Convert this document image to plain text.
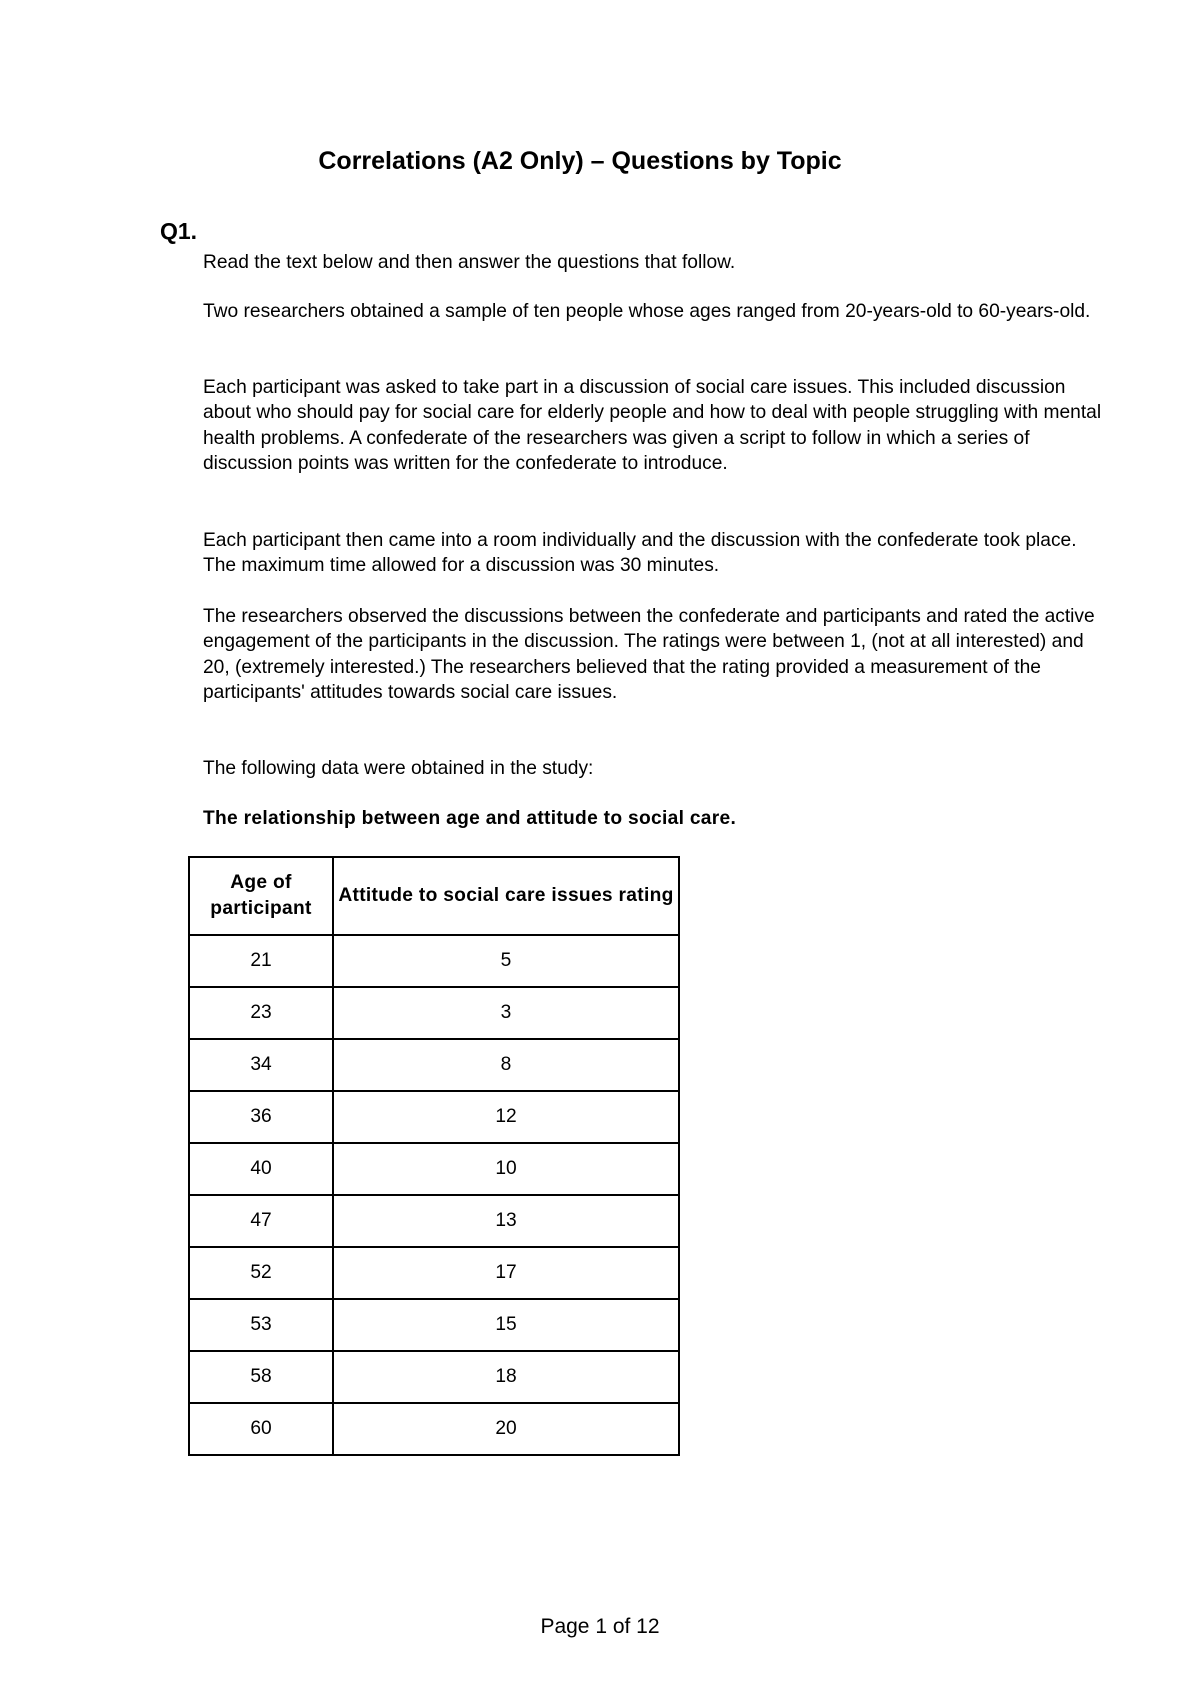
Correlations (A2 Only) – Questions by Topic
Q1.
Read the text below and then answer the questions that follow.
Two researchers obtained a sample of ten people whose ages ranged from 20-years-old to 60-years-old.
Each participant was asked to take part in a discussion of social care issues. This included discussion about who should pay for social care for elderly people and how to deal with people struggling with mental health problems. A confederate of the researchers was given a script to follow in which a series of discussion points was written for the confederate to introduce.
Each participant then came into a room individually and the discussion with the confederate took place. The maximum time allowed for a discussion was 30 minutes.
The researchers observed the discussions between the confederate and participants and rated the active engagement of the participants in the discussion. The ratings were between 1, (not at all interested) and 20, (extremely interested.) The researchers believed that the rating provided a measurement of the participants' attitudes towards social care issues.
The following data were obtained in the study:
The relationship between age and attitude to social care.
Age of participant	Attitude to social care issues rating
21	5
23	3
34	8
36	12
40	10
47	13
52	17
53	15
58	18
60	20
Page 1 of 12
